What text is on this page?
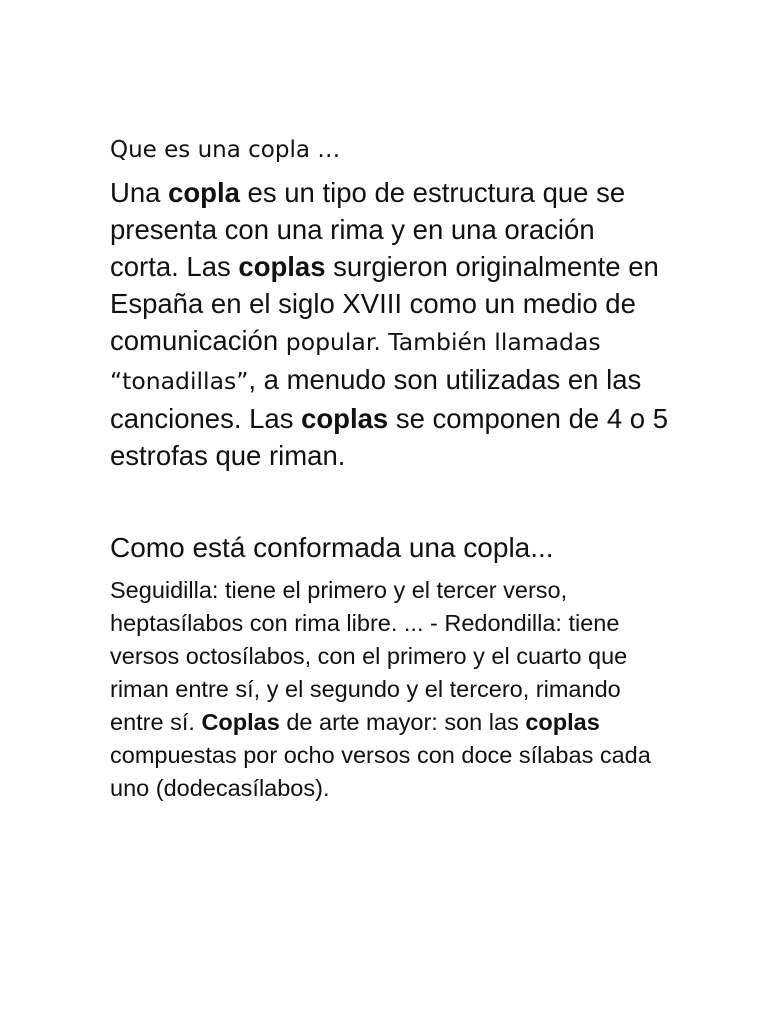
Que es una copla …

Una copla es un tipo de estructura que se presenta con una rima y en una oración corta. Las coplas surgieron originalmente en España en el siglo XVIII como un medio de comunicación popular. También llamadas “tonadillas”, a menudo son utilizadas en las canciones. Las coplas se componen de 4 o 5 estrofas que riman.

Como está conformada una copla...

Seguidilla: tiene el primero y el tercer verso, heptasílabos con rima libre. ... - Redondilla: tiene versos octosílabos, con el primero y el cuarto que riman entre sí, y el segundo y el tercero, rimando entre sí. Coplas de arte mayor: son las coplas compuestas por ocho versos con doce sílabas cada uno (dodecasílabos).
